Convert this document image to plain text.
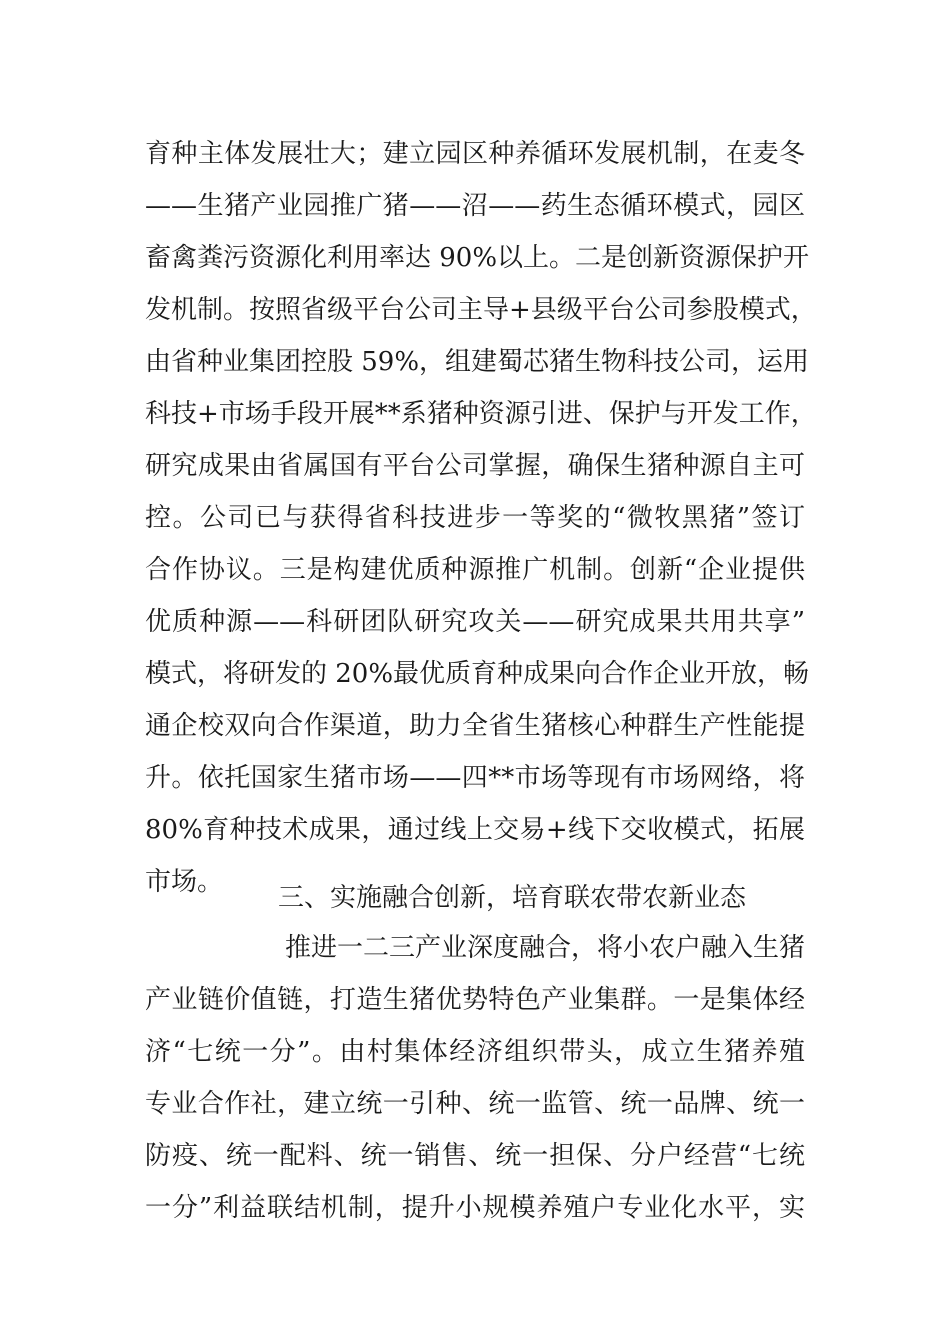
育种主体发展壮大；建立园区种养循环发展机制，在麦冬
——生猪产业园推广猪——沼——药生态循环模式，园区
畜禽粪污资源化利用率达 90%以上。二是创新资源保护开
发机制。按照省级平台公司主导+县级平台公司参股模式，
由省种业集团控股 59%，组建蜀芯猪生物科技公司，运用
科技+市场手段开展**系猪种资源引进、保护与开发工作，
研究成果由省属国有平台公司掌握，确保生猪种源自主可
控。公司已与获得省科技进步一等奖的“微牧黑猪”签订
合作协议。三是构建优质种源推广机制。创新“企业提供
优质种源——科研团队研究攻关——研究成果共用共享”
模式，将研发的 20%最优质育种成果向合作企业开放，畅
通企校双向合作渠道，助力全省生猪核心种群生产性能提
升。依托国家生猪市场——四**市场等现有市场网络，将
80%育种技术成果，通过线上交易+线下交收模式，拓展
市场。
三、实施融合创新，培育联农带农新业态
推进一二三产业深度融合，将小农户融入生猪
产业链价值链，打造生猪优势特色产业集群。一是集体经
济“七统一分”。由村集体经济组织带头，成立生猪养殖
专业合作社，建立统一引种、统一监管、统一品牌、统一
防疫、统一配料、统一销售、统一担保、分户经营“七统
一分”利益联结机制，提升小规模养殖户专业化水平，实
